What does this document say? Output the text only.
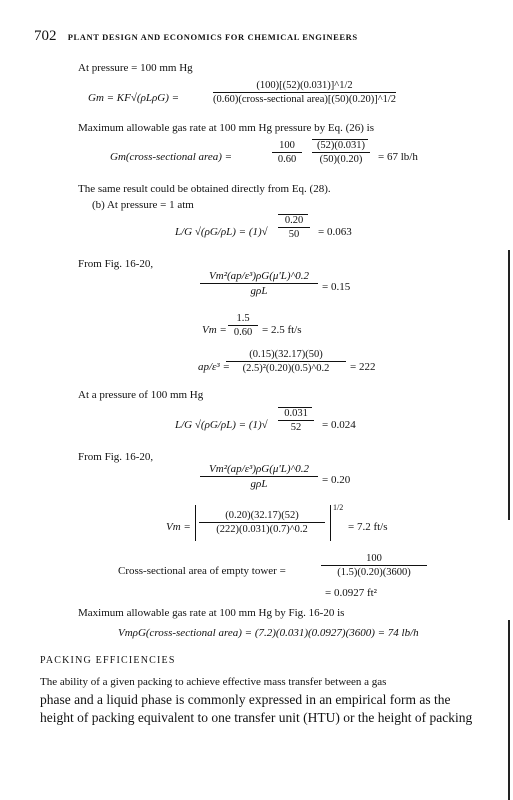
702 PLANT DESIGN AND ECONOMICS FOR CHEMICAL ENGINEERS
At pressure = 100 mm Hg
Gm = KF√(ρLρG) =
(100)[(52)(0.031)]^1/2
(0.60)(cross-sectional area)[(50)(0.20)]^1/2
Maximum allowable gas rate at 100 mm Hg pressure by Eq. (26) is
Gm(cross-sectional area) =	$\frac{100}{0.60} \frac{(52)(0.031)}{(50)(0.20)} = 67$ lb/h
The same result could be obtained directly from Eq. (28).
(b) At pressure = 1 atm
L/G $√(\rho G/\rho L) = (1)√ \frac{0.20}{50} = 0.063$
From Fig. 16-20,
Vm²(ap/ε³)ρG(μ'L)^0.2
gρL	= 0.15
$Vm = \frac{1.5}{0.60} = 2.5$ ft/s
ap/ε³ =
$\frac{(0.15)(32.17)(50)}{\text{(2.5)²(0.20)(0.5)\textasciicircum{}0.2}} = 222$
At a pressure of 100 mm Hg
L/G $√(\rho G/\rho L) = (1)√ \frac{0.031}{52} = 0.024$
From Fig. 16-20,
Vm²(ap/ε³)ρG(μ'L)^0.2
gρL	= 0.20
$Vm = \frac{(0.20)(32.17)(52)}{(222)(0.031)(0.7)\^{}0.2}$
1/2
= 7.2 ft/s
Cross-sectional area of empty tower =	$\frac{100}{(1.5)(0.20)(3600)}$
= 0.0927 ft²
Maximum allowable gas rate at 100 mm Hg by Fig. 16-20 is
VmρG(cross-sectional area) = (7.2)(0.031)(0.0927)(3600) = 74 lb/h
PACKING EFFICIENCIES
The ability of a given packing to achieve effective mass transfer between a gas
phase and a liquid phase is commonly expressed in an empirical form as the
height of packing equivalent to one transfer unit (HTU) or the height of packing
